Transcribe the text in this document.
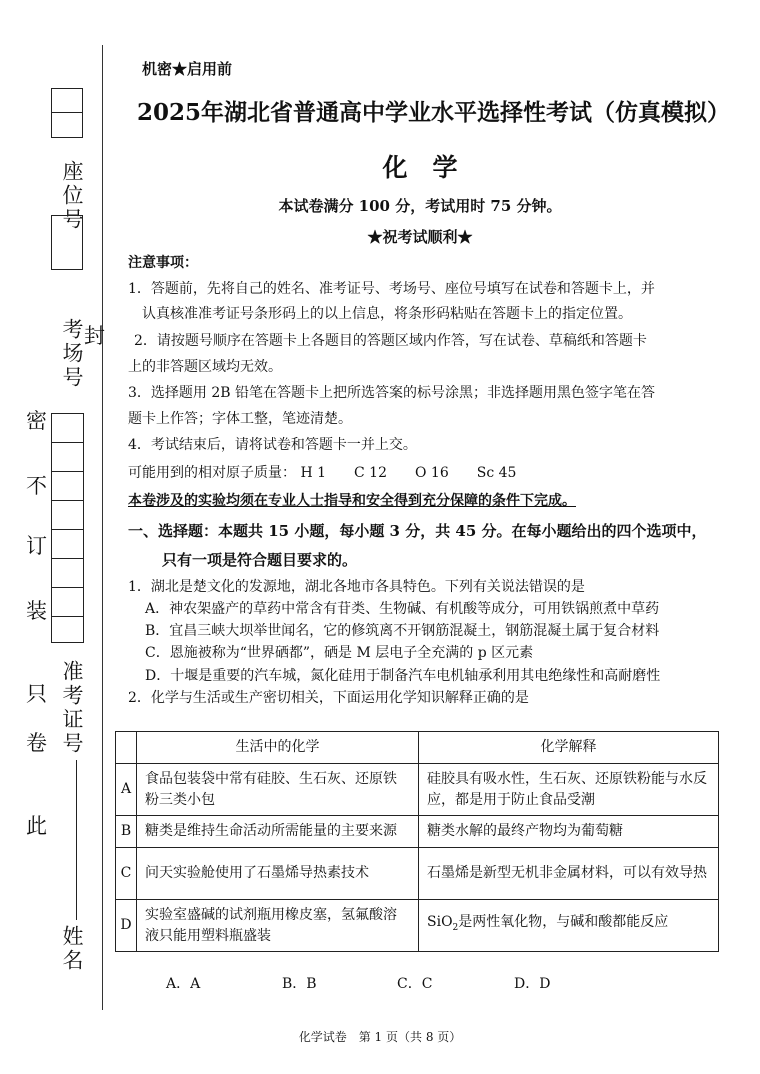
座位号
考场号
准考证号
姓名
此
卷
只
装
订
不
密
封
机密★启用前
2025年湖北省普通高中学业水平选择性考试（仿真模拟）
化　学
本试卷满分 100 分，考试用时 75 分钟。
★祝考试顺利★
注意事项：
1．答题前，先将自己的姓名、准考证号、考场号、座位号填写在试卷和答题卡上，并
认真核准准考证号条形码上的以上信息，将条形码粘贴在答题卡上的指定位置。
2．请按题号顺序在答题卡上各题目的答题区域内作答，写在试卷、草稿纸和答题卡
上的非答题区域均无效。
3．选择题用 2B 铅笔在答题卡上把所选答案的标号涂黑；非选择题用黑色签字笔在答
题卡上作答；字体工整，笔迹清楚。
4．考试结束后，请将试卷和答题卡一并上交。
可能用到的相对原子质量： H 1　　C 12　　O 16　　Sc 45
本卷涉及的实验均须在专业人士指导和安全得到充分保障的条件下完成。
一、选择题：本题共 15 小题，每小题 3 分，共 45 分。在每小题给出的四个选项中，
只有一项是符合题目要求的。
1．湖北是楚文化的发源地，湖北各地市各具特色。下列有关说法错误的是
A．神农架盛产的草药中常含有苷类、生物碱、有机酸等成分，可用铁锅煎煮中草药
B．宜昌三峡大坝举世闻名，它的修筑离不开钢筋混凝土，钢筋混凝土属于复合材料
C．恩施被称为“世界硒都”，硒是 M 层电子全充满的 p 区元素
D．十堰是重要的汽车城，氮化硅用于制备汽车电机轴承利用其电绝缘性和高耐磨性
2．化学与生活或生产密切相关，下面运用化学知识解释正确的是
	生活中的化学	化学解释
A	食品包装袋中常有硅胶、生石灰、还原铁粉三类小包	硅胶具有吸水性，生石灰、还原铁粉能与水反应，都是用于防止食品受潮
B	糖类是维持生命活动所需能量的主要来源	糖类水解的最终产物均为葡萄糖
C	问天实验舱使用了石墨烯导热素技术	石墨烯是新型无机非金属材料，可以有效导热
D	实验室盛碱的试剂瓶用橡皮塞，氢氟酸溶液只能用塑料瓶盛装	SiO$_2$是两性氧化物，与碱和酸都能反应
A．A	B．B	C．C	D．D
化学试卷　第 1 页（共 8 页）
